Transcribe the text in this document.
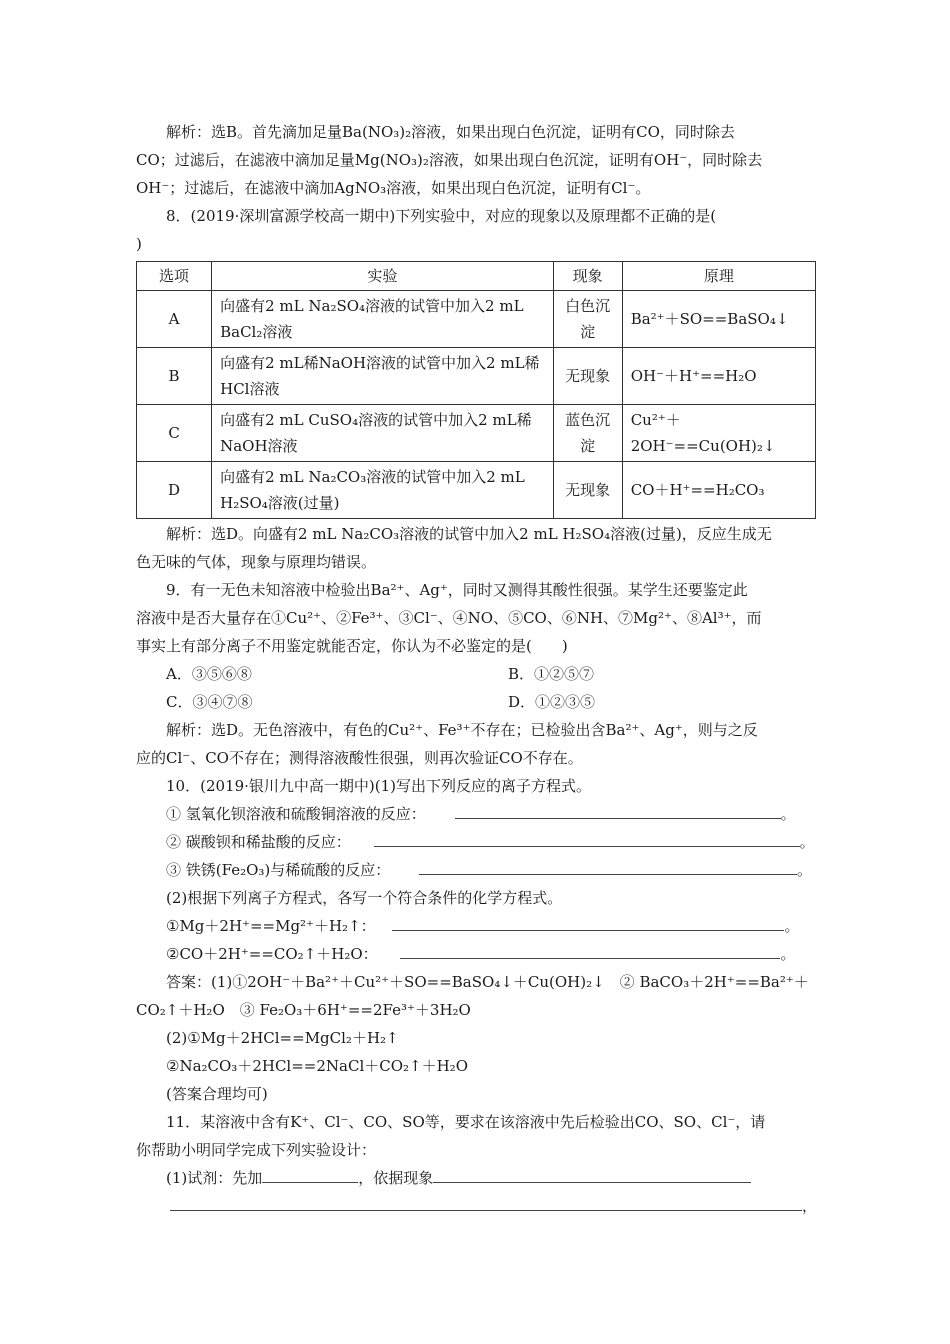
解析：选B。首先滴加足量Ba(NO₃)₂溶液，如果出现白色沉淀，证明有CO，同时除去
CO；过滤后，在滤液中滴加足量Mg(NO₃)₂溶液，如果出现白色沉淀，证明有OH⁻，同时除去
OH⁻；过滤后，在滤液中滴加AgNO₃溶液，如果出现白色沉淀，证明有Cl⁻。
8．(2019·深圳富源学校高一期中)下列实验中，对应的现象以及原理都不正确的是(
)
选项	实验	现象	原理
A	向盛有2 mL Na₂SO₄溶液的试管中加入2 mL BaCl₂溶液	白色沉淀	Ba²⁺＋SO==BaSO₄↓
B	向盛有2 mL稀NaOH溶液的试管中加入2 mL稀HCl溶液	无现象	OH⁻＋H⁺==H₂O
C	向盛有2 mL CuSO₄溶液的试管中加入2 mL稀NaOH溶液	蓝色沉淀	Cu²⁺＋2OH⁻==Cu(OH)₂↓
D	向盛有2 mL Na₂CO₃溶液的试管中加入2 mL H₂SO₄溶液(过量)	无现象	CO＋H⁺==H₂CO₃
解析：选D。向盛有2 mL Na₂CO₃溶液的试管中加入2 mL H₂SO₄溶液(过量)，反应生成无
色无味的气体，现象与原理均错误。
9．有一无色未知溶液中检验出Ba²⁺、Ag⁺，同时又测得其酸性很强。某学生还要鉴定此
溶液中是否大量存在①Cu²⁺、②Fe³⁺、③Cl⁻、④NO、⑤CO、⑥NH、⑦Mg²⁺、⑧Al³⁺，而
事实上有部分离子不用鉴定就能否定，你认为不必鉴定的是(　　)
A．③⑤⑥⑧	B．①②⑤⑦
C．③④⑦⑧	D．①②③⑤
解析：选D。无色溶液中，有色的Cu²⁺、Fe³⁺不存在；已检验出含Ba²⁺、Ag⁺，则与之反
应的Cl⁻、CO不存在；测得溶液酸性很强，则再次验证CO不存在。
10．(2019·银川九中高一期中)(1)写出下列反应的离子方程式。
① 氢氧化钡溶液和硫酸铜溶液的反应：	。
② 碳酸钡和稀盐酸的反应：	。
③ 铁锈(Fe₂O₃)与稀硫酸的反应：	。
(2)根据下列离子方程式，各写一个符合条件的化学方程式。
①Mg＋2H⁺==Mg²⁺＋H₂↑：	。
②CO＋2H⁺==CO₂↑＋H₂O：	。
答案：(1)①2OH⁻＋Ba²⁺＋Cu²⁺＋SO==BaSO₄↓＋Cu(OH)₂↓　② BaCO₃＋2H⁺==Ba²⁺＋
CO₂↑＋H₂O　③ Fe₂O₃＋6H⁺==2Fe³⁺＋3H₂O
(2)①Mg＋2HCl==MgCl₂＋H₂↑
②Na₂CO₃＋2HCl==2NaCl＋CO₂↑＋H₂O
(答案合理均可)
11．某溶液中含有K⁺、Cl⁻、CO、SO等，要求在该溶液中先后检验出CO、SO、Cl⁻，请
你帮助小明同学完成下列实验设计：
(1)试剂：先加	，依据现象
，
